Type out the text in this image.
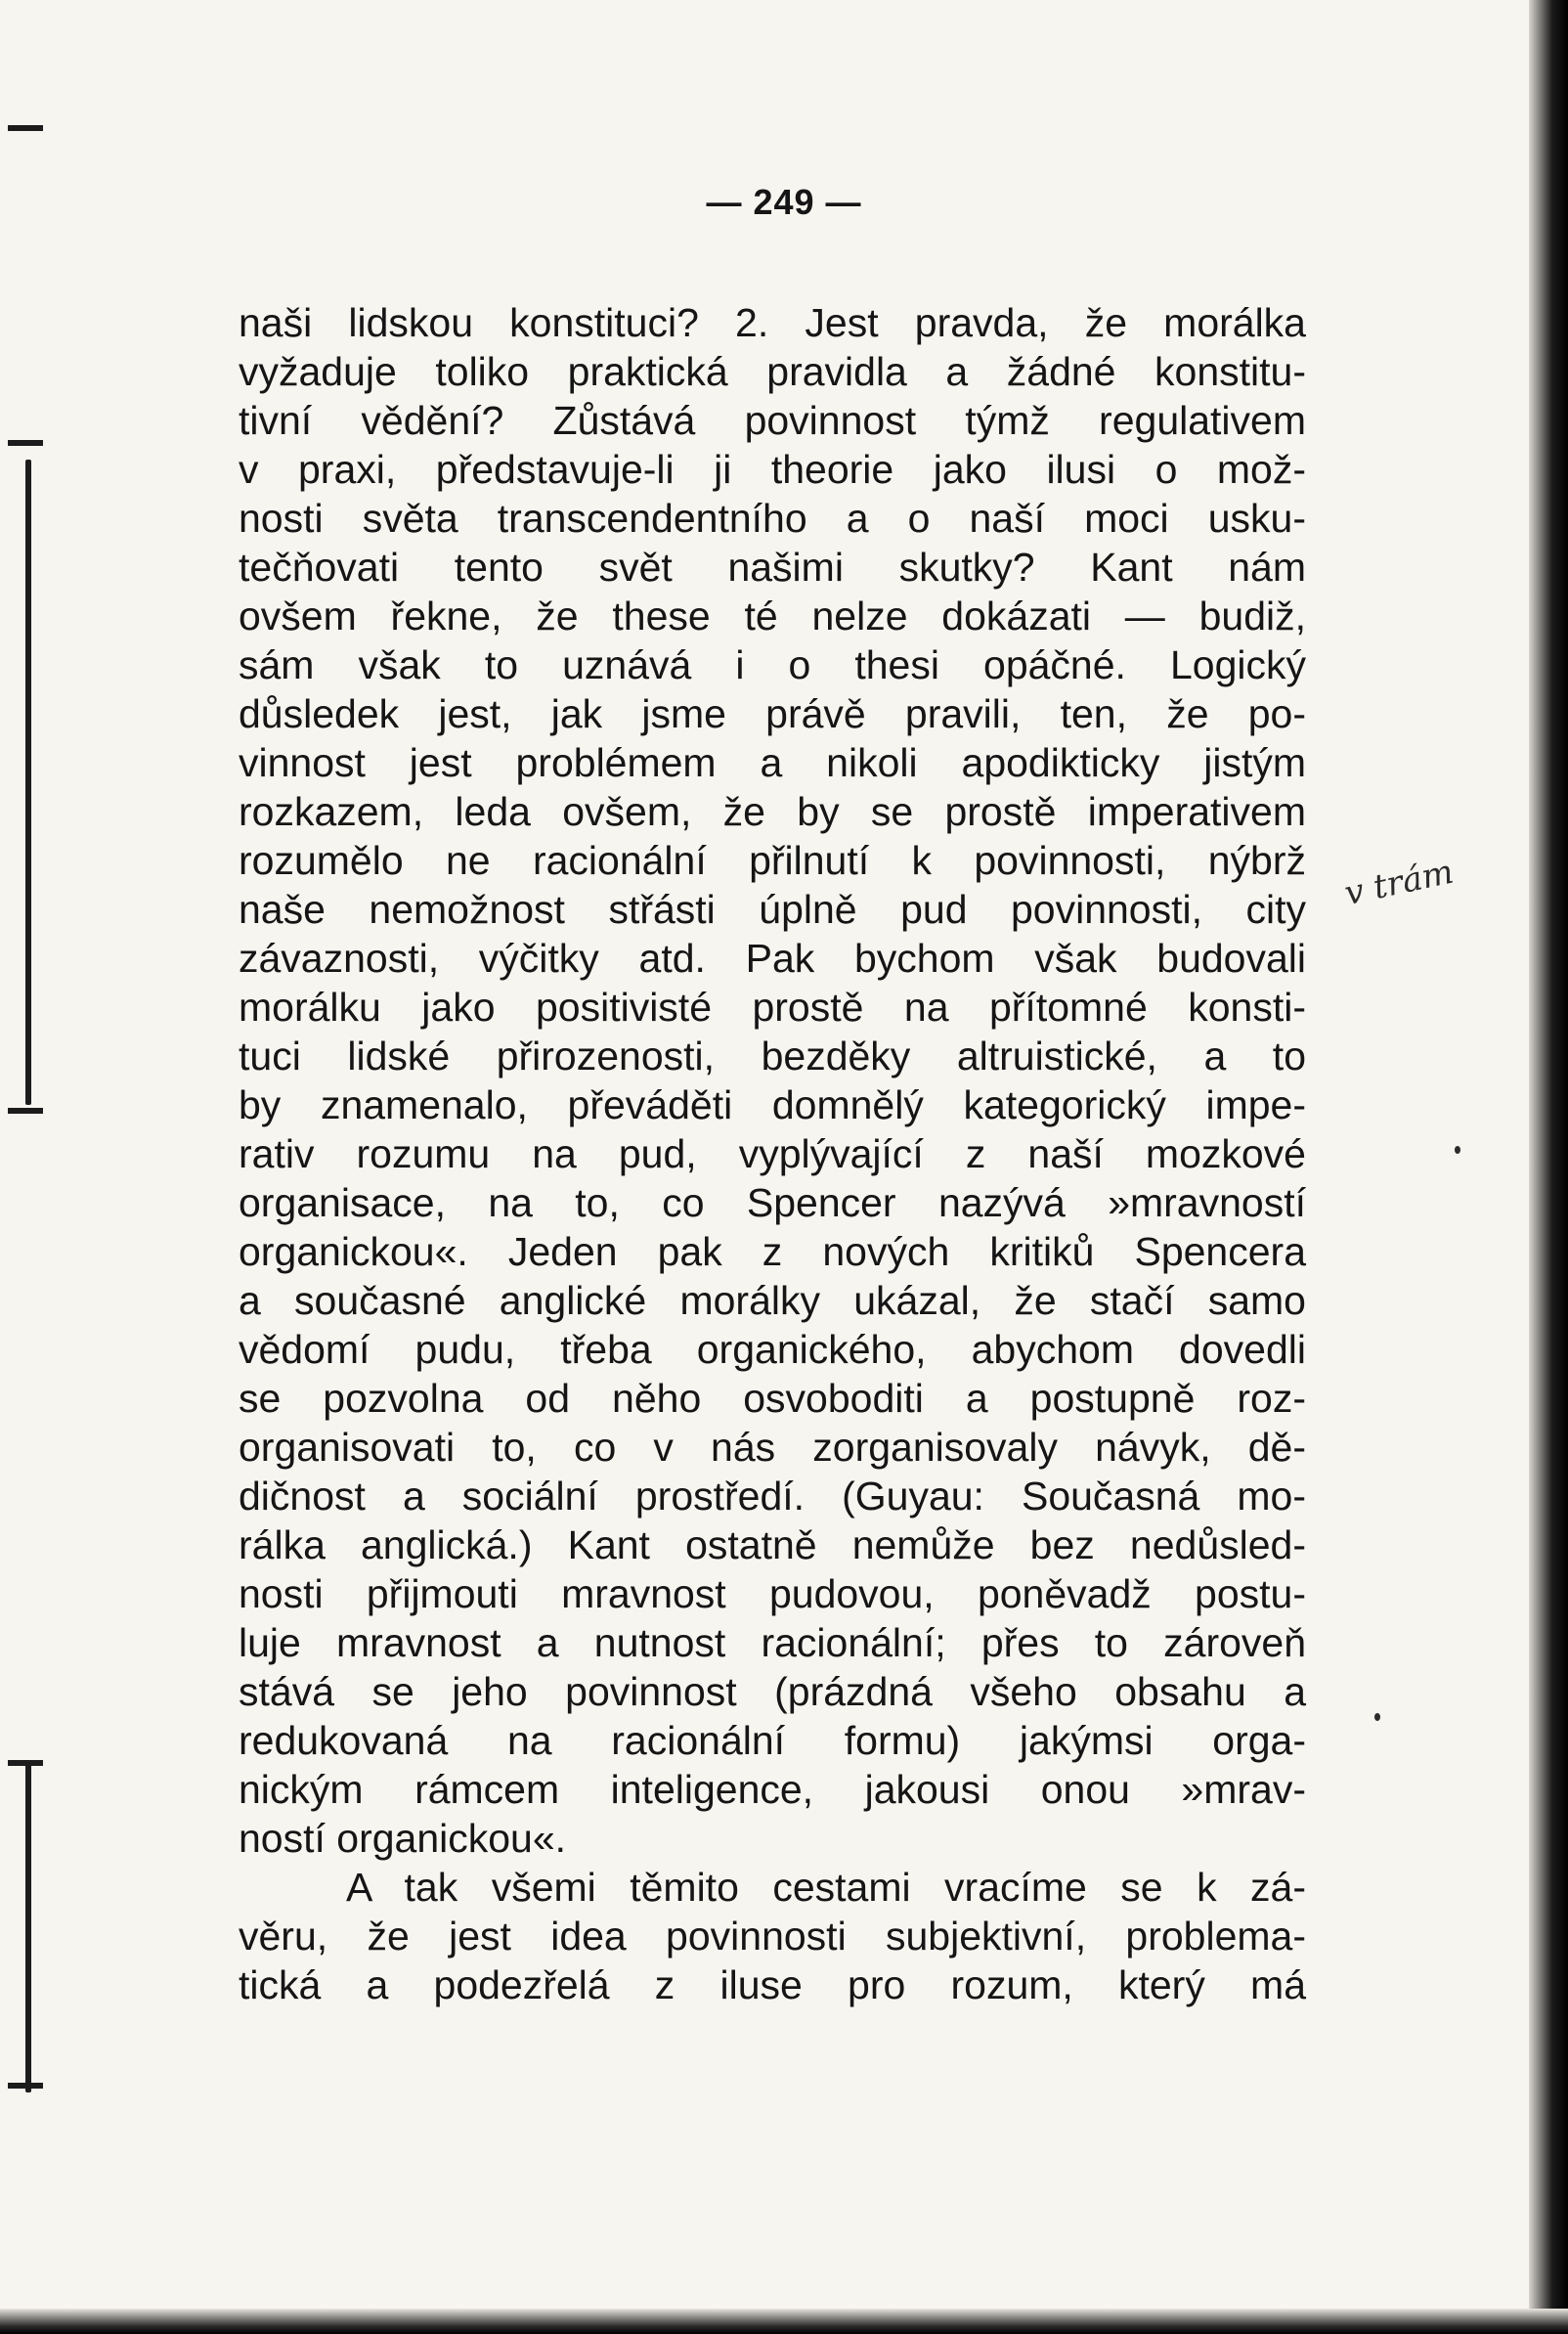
— 249 —
naši lidskou konstituci? 2. Jest pravda, že morálka
vyžaduje toliko praktická pravidla a žádné konstitu-
tivní vědění? Zůstává povinnost týmž regulativem
v praxi, představuje-li ji theorie jako ilusi o mož-
nosti světa transcendentního a o naší moci usku-
tečňovati tento svět našimi skutky? Kant nám
ovšem řekne, že these té nelze dokázati — budiž,
sám však to uznává i o thesi opáčné. Logický
důsledek jest, jak jsme právě pravili, ten, že po-
vinnost jest problémem a nikoli apodikticky jistým
rozkazem, leda ovšem, že by se prostě imperativem
rozumělo ne racionální přilnutí k povinnosti, nýbrž
naše nemožnost střásti úplně pud povinnosti, city
závaznosti, výčitky atd. Pak bychom však budovali
morálku jako positivisté prostě na přítomné konsti-
tuci lidské přirozenosti, bezděky altruistické, a to
by znamenalo, převáděti domnělý kategorický impe-
rativ rozumu na pud, vyplývající z naší mozkové
organisace, na to, co Spencer nazývá »mravností
organickou«. Jeden pak z nových kritiků Spencera
a současné anglické morálky ukázal, že stačí samo
vědomí pudu, třeba organického, abychom dovedli
se pozvolna od něho osvoboditi a postupně roz-
organisovati to, co v nás zorganisovaly návyk, dě-
dičnost a sociální prostředí. (Guyau: Současná mo-
rálka anglická.) Kant ostatně nemůže bez nedůsled-
nosti přijmouti mravnost pudovou, poněvadž postu-
luje mravnost a nutnost racionální; přes to zároveň
stává se jeho povinnost (prázdná všeho obsahu a
redukovaná na racionální formu) jakýmsi orga-
nickým rámcem inteligence, jakousi onou »mrav-
ností organickou«.
A tak všemi těmito cestami vracíme se k zá-
věru, že jest idea povinnosti subjektivní, problema-
tická a podezřelá z iluse pro rozum, který má
v trám
